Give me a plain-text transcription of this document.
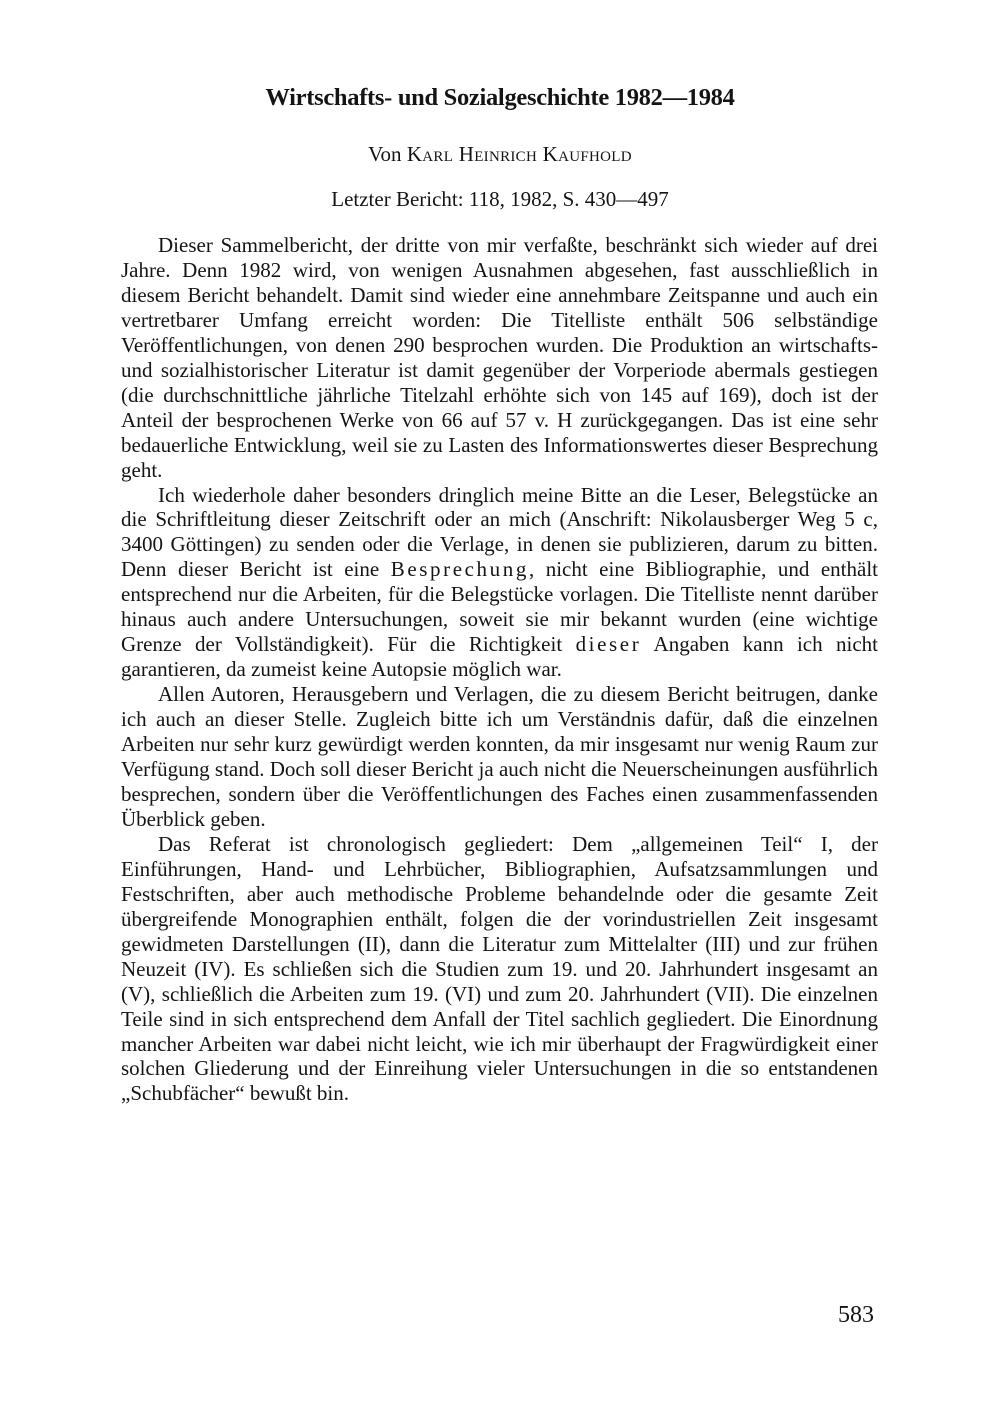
Wirtschafts- und Sozialgeschichte 1982—1984

Von Karl Heinrich Kaufhold

Letzter Bericht: 118, 1982, S. 430—497

Dieser Sammelbericht, der dritte von mir verfaßte, beschränkt sich wieder auf drei Jahre. Denn 1982 wird, von wenigen Ausnahmen abgesehen, fast ausschließlich in diesem Bericht behandelt. Damit sind wieder eine annehmbare Zeitspanne und auch ein vertretbarer Umfang erreicht worden: Die Titelliste enthält 506 selbständige Veröffentlichungen, von denen 290 besprochen wurden. Die Produktion an wirtschafts- und sozialhistorischer Literatur ist damit gegenüber der Vorperiode abermals gestiegen (die durchschnittliche jährliche Titelzahl erhöhte sich von 145 auf 169), doch ist der Anteil der besprochenen Werke von 66 auf 57 v. H zurückgegangen. Das ist eine sehr bedauerliche Entwicklung, weil sie zu Lasten des Informationswertes dieser Besprechung geht.

Ich wiederhole daher besonders dringlich meine Bitte an die Leser, Belegstücke an die Schriftleitung dieser Zeitschrift oder an mich (Anschrift: Nikolausberger Weg 5 c, 3400 Göttingen) zu senden oder die Verlage, in denen sie publizieren, darum zu bitten. Denn dieser Bericht ist eine Besprechung, nicht eine Bibliographie, und enthält entsprechend nur die Arbeiten, für die Belegstücke vorlagen. Die Titelliste nennt darüber hinaus auch andere Untersuchungen, soweit sie mir bekannt wurden (eine wichtige Grenze der Vollständigkeit). Für die Richtigkeit dieser Angaben kann ich nicht garantieren, da zumeist keine Autopsie möglich war.

Allen Autoren, Herausgebern und Verlagen, die zu diesem Bericht beitrugen, danke ich auch an dieser Stelle. Zugleich bitte ich um Verständnis dafür, daß die einzelnen Arbeiten nur sehr kurz gewürdigt werden konnten, da mir insgesamt nur wenig Raum zur Verfügung stand. Doch soll dieser Bericht ja auch nicht die Neuerscheinungen ausführlich besprechen, sondern über die Veröffentlichungen des Faches einen zusammenfassenden Überblick geben.

Das Referat ist chronologisch gegliedert: Dem „allgemeinen Teil“ I, der Einführungen, Hand- und Lehrbücher, Bibliographien, Aufsatzsammlungen und Festschriften, aber auch methodische Probleme behandelnde oder die gesamte Zeit übergreifende Monographien enthält, folgen die der vorindustriellen Zeit insgesamt gewidmeten Darstellungen (II), dann die Literatur zum Mittelalter (III) und zur frühen Neuzeit (IV). Es schließen sich die Studien zum 19. und 20. Jahrhundert insgesamt an (V), schließlich die Arbeiten zum 19. (VI) und zum 20. Jahrhundert (VII). Die einzelnen Teile sind in sich entsprechend dem Anfall der Titel sachlich gegliedert. Die Einordnung mancher Arbeiten war dabei nicht leicht, wie ich mir überhaupt der Fragwürdigkeit einer solchen Gliederung und der Einreihung vieler Untersuchungen in die so entstandenen „Schubfächer“ bewußt bin.

583
